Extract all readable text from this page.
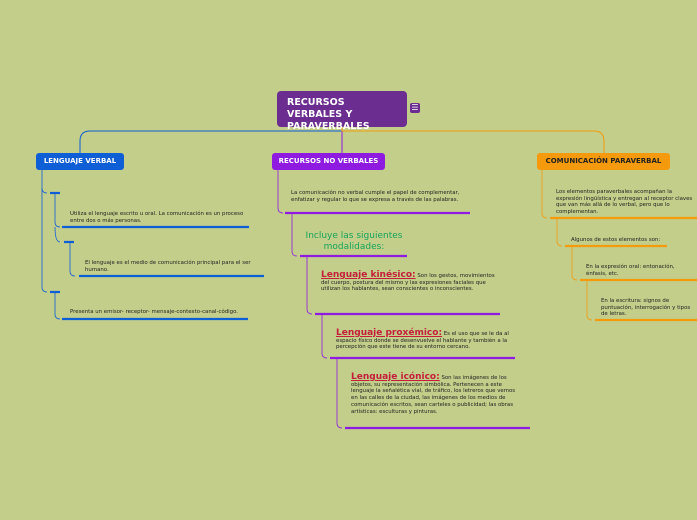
RECURSOS VERBALES Y PARAVERBALES
☰
LENGUAJE VERBAL	RECURSOS NO VERBALES	COMUNICACIÓN PARAVERBAL
Utiliza el lenguaje escrito u oral. La comunicación es un proceso entre dos o más personas.
El lenguaje es el medio de comunicación principal para el ser humano.
Presenta un emisor- receptor- mensaje-contexto-canal-código.
La comunicación no verbal cumple el papel de complementar, enfatizar y regular lo que se expresa a través de las palabras.
Incluye las siguientes modalidades:
Lenguaje kinésico: Son los gestos, movimientos del cuerpo, postura del mismo y las expresiones faciales que utilizan los hablantes, sean conscientes o inconscientes.
Lenguaje proxémico: Es el uso que se le da al espacio físico donde se desenvuelve el hablante y también a la percepción que este tiene de su entorno cercano.
Lenguaje icónico: Son las imágenes de los objetos, su representación simbólica. Pertenecen a este lenguaje la señalética vial, de tráfico, los letreros que vemos en las calles de la ciudad, las imágenes de los medios de comunicación escritos, sean carteles o publicidad; las obras artísticas: esculturas y pinturas.
Los elementos paraverbales acompañan la expresión lingüística y entregan al receptor claves que van más allá de lo verbal, pero que lo complementan.
Algunos de estos elementos son:
En la expresión oral: entonación, énfasis, etc.
En la escritura: signos de puntuación, interrogación y tipos de letras.
